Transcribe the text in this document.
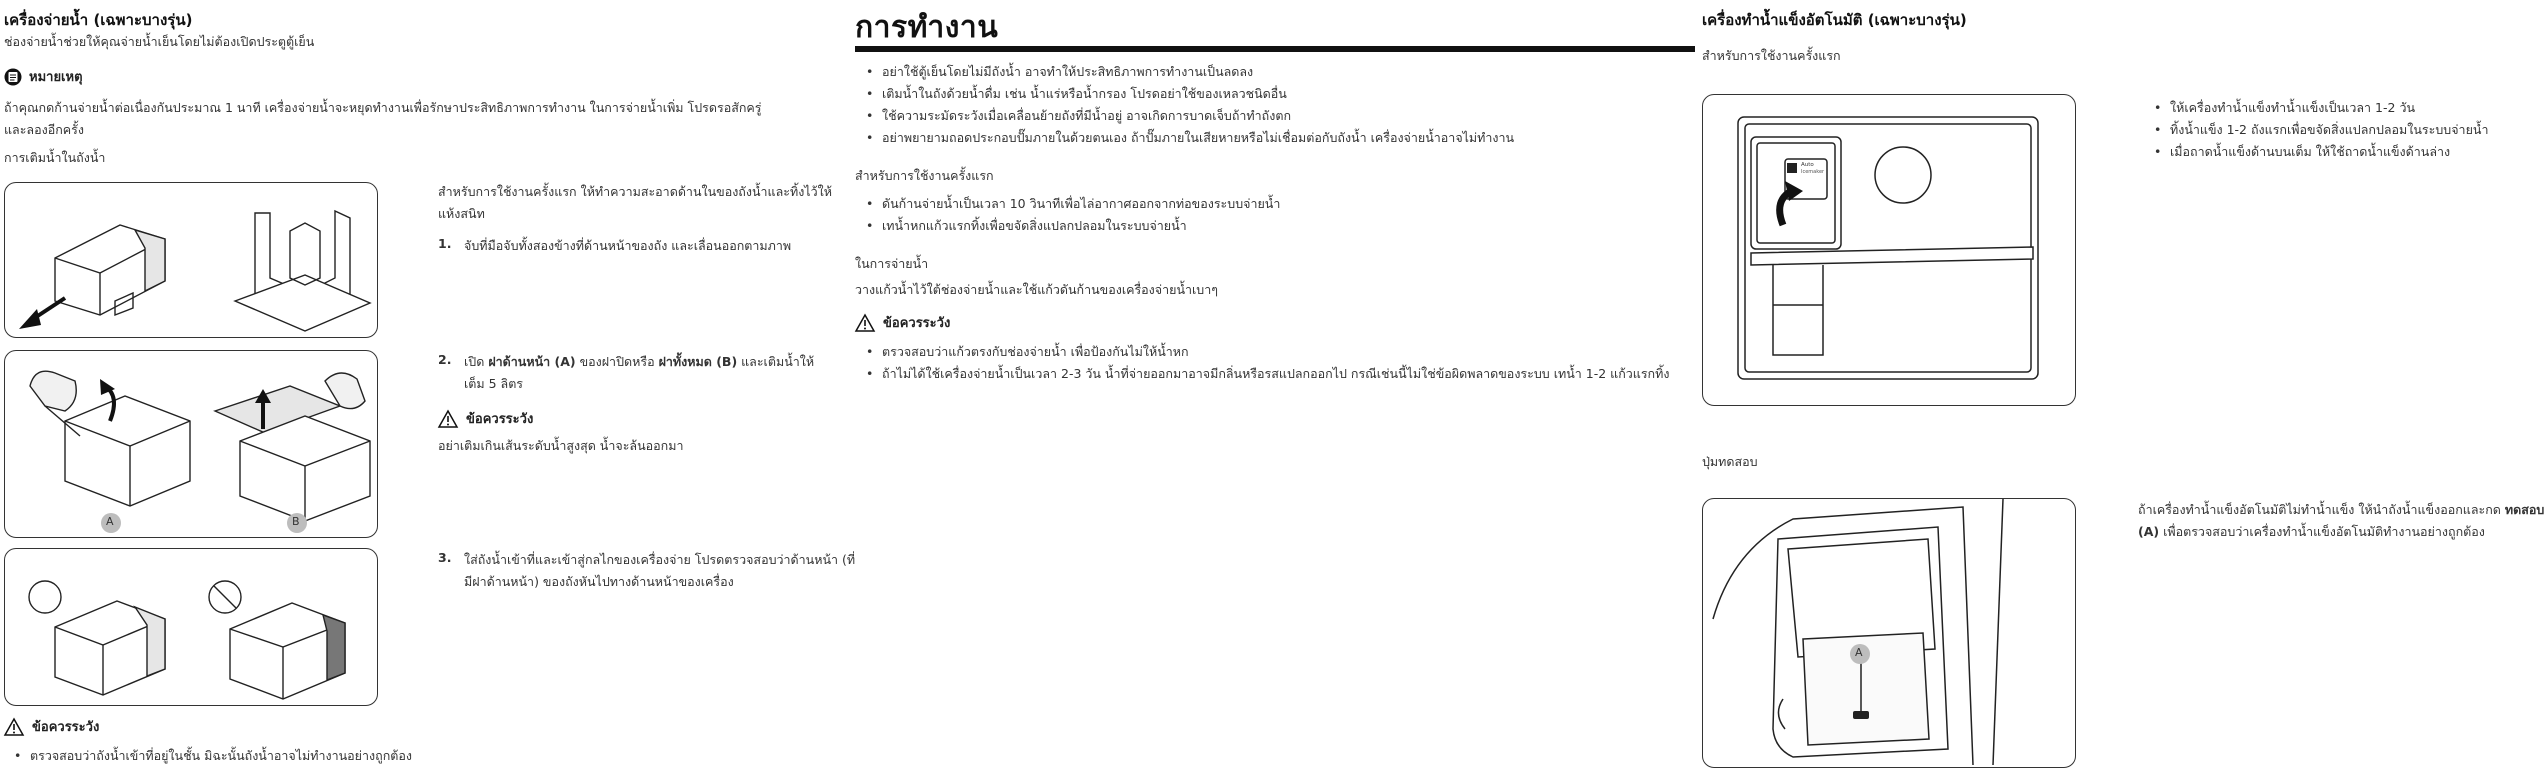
เครื่องจ่ายน้ำ (เฉพาะบางรุ่น)
ช่องจ่ายน้ำช่วยให้คุณจ่ายน้ำเย็นโดยไม่ต้องเปิดประตูตู้เย็น
หมายเหตุ
ถ้าคุณกดก้านจ่ายน้ำต่อเนื่องกันประมาณ 1 นาที เครื่องจ่ายน้ำจะหยุดทำงานเพื่อรักษาประสิทธิภาพการทำงาน ในการจ่ายน้ำเพิ่ม โปรดรอสักครู่
และลองอีกครั้ง
การเติมน้ำในถังน้ำ
A	B
สำหรับการใช้งานครั้งแรก ให้ทำความสะอาดด้านในของถังน้ำและทิ้งไว้ให้
แห้งสนิท
1. จับที่มือจับทั้งสองข้างที่ด้านหน้าของถัง และเลื่อนออกตามภาพ
2. เปิด ฝาด้านหน้า (A) ของฝาปิดหรือ ฝาทั้งหมด (B) และเติมน้ำให้
เต็ม 5 ลิตร
ข้อควรระวัง
อย่าเติมเกินเส้นระดับน้ำสูงสุด น้ำจะล้นออกมา
3. ใส่ถังน้ำเข้าที่และเข้าสู่กลไกของเครื่องจ่าย โปรดตรวจสอบว่าด้านหน้า (ที่
มีฝาด้านหน้า) ของถังหันไปทางด้านหน้าของเครื่อง
ข้อควรระวัง
• ตรวจสอบว่าถังน้ำเข้าที่อยู่ในชั้น มิฉะนั้นถังน้ำอาจไม่ทำงานอย่างถูกต้อง
การทำงาน
• อย่าใช้ตู้เย็นโดยไม่มีถังน้ำ อาจทำให้ประสิทธิภาพการทำงานเป็นลดลง
• เติมน้ำในถังด้วยน้ำดื่ม เช่น น้ำแร่หรือน้ำกรอง โปรดอย่าใช้ของเหลวชนิดอื่น
• ใช้ความระมัดระวังเมื่อเคลื่อนย้ายถังที่มีน้ำอยู่ อาจเกิดการบาดเจ็บถ้าทำถังตก
• อย่าพยายามถอดประกอบปั๊มภายในด้วยตนเอง ถ้าปั๊มภายในเสียหายหรือไม่เชื่อมต่อกับถังน้ำ เครื่องจ่ายน้ำอาจไม่ทำงาน
สำหรับการใช้งานครั้งแรก
• ดันก้านจ่ายน้ำเป็นเวลา 10 วินาทีเพื่อไล่อากาศออกจากท่อของระบบจ่ายน้ำ
• เทน้ำหกแก้วแรกทิ้งเพื่อขจัดสิ่งแปลกปลอมในระบบจ่ายน้ำ
ในการจ่ายน้ำ
วางแก้วน้ำไว้ใต้ช่องจ่ายน้ำและใช้แก้วดันก้านของเครื่องจ่ายน้ำเบาๆ
ข้อควรระวัง
• ตรวจสอบว่าแก้วตรงกับช่องจ่ายน้ำ เพื่อป้องกันไม่ให้น้ำหก
• ถ้าไม่ได้ใช้เครื่องจ่ายน้ำเป็นเวลา 2-3 วัน น้ำที่จ่ายออกมาอาจมีกลิ่นหรือรสแปลกออกไป กรณีเช่นนี้ไม่ใช่ข้อผิดพลาดของระบบ เทน้ำ 1-2 แก้วแรกทิ้ง
เครื่องทำน้ำแข็งอัตโนมัติ (เฉพาะบางรุ่น)
สำหรับการใช้งานครั้งแรก
Auto
Icemaker
• ให้เครื่องทำน้ำแข็งทำน้ำแข็งเป็นเวลา 1-2 วัน
• ทิ้งน้ำแข็ง 1-2 ถังแรกเพื่อขจัดสิ่งแปลกปลอมในระบบจ่ายน้ำ
• เมื่อถาดน้ำแข็งด้านบนเต็ม ให้ใช้ถาดน้ำแข็งด้านล่าง
ปุ่มทดสอบ
A
ถ้าเครื่องทำน้ำแข็งอัตโนมัติไม่ทำน้ำแข็ง ให้นำถังน้ำแข็งออกและกด ทดสอบ
(A) เพื่อตรวจสอบว่าเครื่องทำน้ำแข็งอัตโนมัติทำงานอย่างถูกต้อง
